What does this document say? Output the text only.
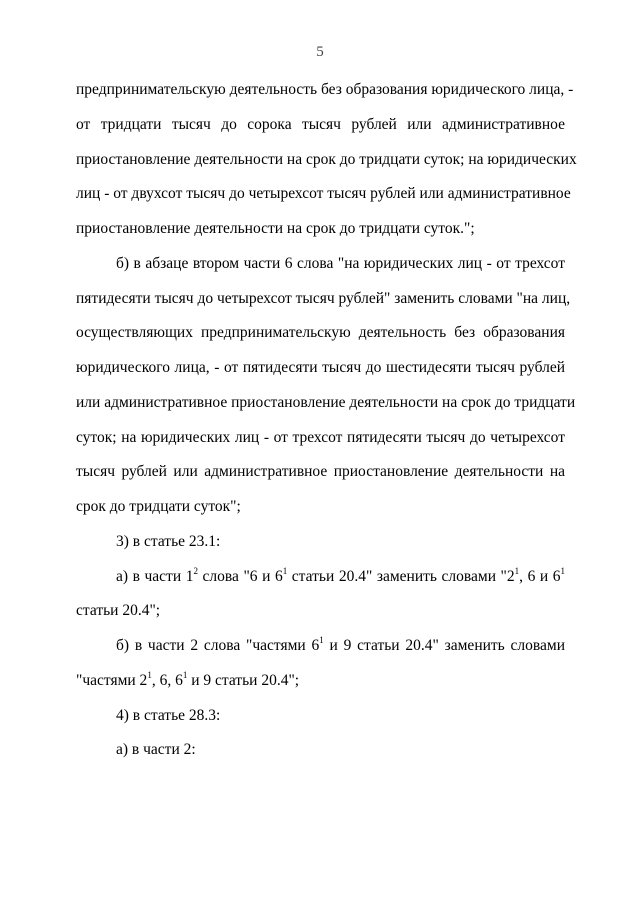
5
предпринимательскую деятельность без образования юридического лица, -
от тридцати тысяч до сорока тысяч рублей или административное
приостановление деятельности на срок до тридцати суток; на юридических
лиц - от двухсот тысяч до четырехсот тысяч рублей или административное
приостановление деятельности на срок до тридцати суток.";
б) в абзаце втором части 6 слова "на юридических лиц - от трехсот
пятидесяти тысяч до четырехсот тысяч рублей" заменить словами "на лиц,
осуществляющих предпринимательскую деятельность без образования
юридического лица, - от пятидесяти тысяч до шестидесяти тысяч рублей
или административное приостановление деятельности на срок до тридцати
суток; на юридических лиц - от трехсот пятидесяти тысяч до четырехсот
тысяч рублей или административное приостановление деятельности на
срок до тридцати суток";
3) в статье 23.1:
а) в части $1^2$ слова "6 и $6^1$ статьи 20.4" заменить словами "$2^1$, 6 и $6^1$
статьи 20.4";
б) в части 2 слова "частями $6^1$ и 9 статьи 20.4" заменить словами
"частями $2^1$, 6, $6^1$ и 9 статьи 20.4";
4) в статье 28.3:
а) в части 2:
